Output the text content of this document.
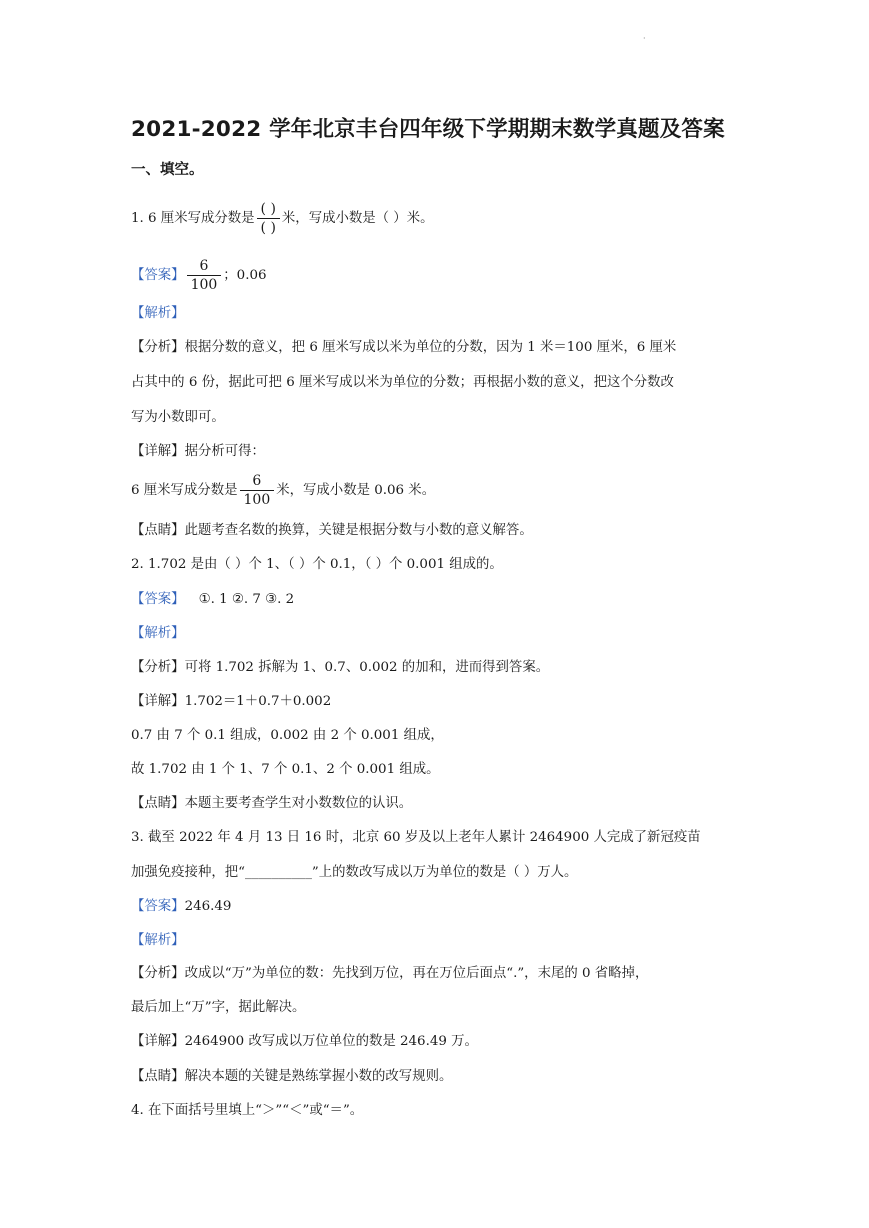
·
2021-2022 学年北京丰台四年级下学期期末数学真题及答案
一、填空。
1. 6 厘米写成分数是 $\frac{( )}{( )}$ 米，写成小数是（ ）米。
【答案】 $\frac{6}{100}$ ；0.06
【解析】
【分析】根据分数的意义，把 6 厘米写成以米为单位的分数，因为 1 米＝100 厘米，6 厘米
占其中的 6 份，据此可把 6 厘米写成以米为单位的分数；再根据小数的意义，把这个分数改
写为小数即可。
【详解】据分析可得：
6 厘米写成分数是 $\frac{6}{100}$ 米，写成小数是 0.06 米。
【点睛】此题考查名数的换算，关键是根据分数与小数的意义解答。
2. 1.702 是由（ ）个 1、（ ）个 0.1，（ ）个 0.001 组成的。
【答案】 ①. 1 ②. 7 ③. 2
【解析】
【分析】可将 1.702 拆解为 1、0.7、0.002 的加和，进而得到答案。
【详解】1.702＝1＋0.7＋0.002
0.7 由 7 个 0.1 组成，0.002 由 2 个 0.001 组成，
故 1.702 由 1 个 1、7 个 0.1、2 个 0.001 组成。
【点睛】本题主要考查学生对小数数位的认识。
3. 截至 2022 年 4 月 13 日 16 时，北京 60 岁及以上老年人累计 2464900 人完成了新冠疫苗
加强免疫接种，把“__________”上的数改写成以万为单位的数是（ ）万人。
【答案】246.49
【解析】
【分析】改成以“万”为单位的数：先找到万位，再在万位后面点“.”，末尾的 0 省略掉，
最后加上“万”字，据此解决。
【详解】2464900 改写成以万位单位的数是 246.49 万。
【点睛】解决本题的关键是熟练掌握小数的改写规则。
4. 在下面括号里填上“＞”“＜”或“＝”。
